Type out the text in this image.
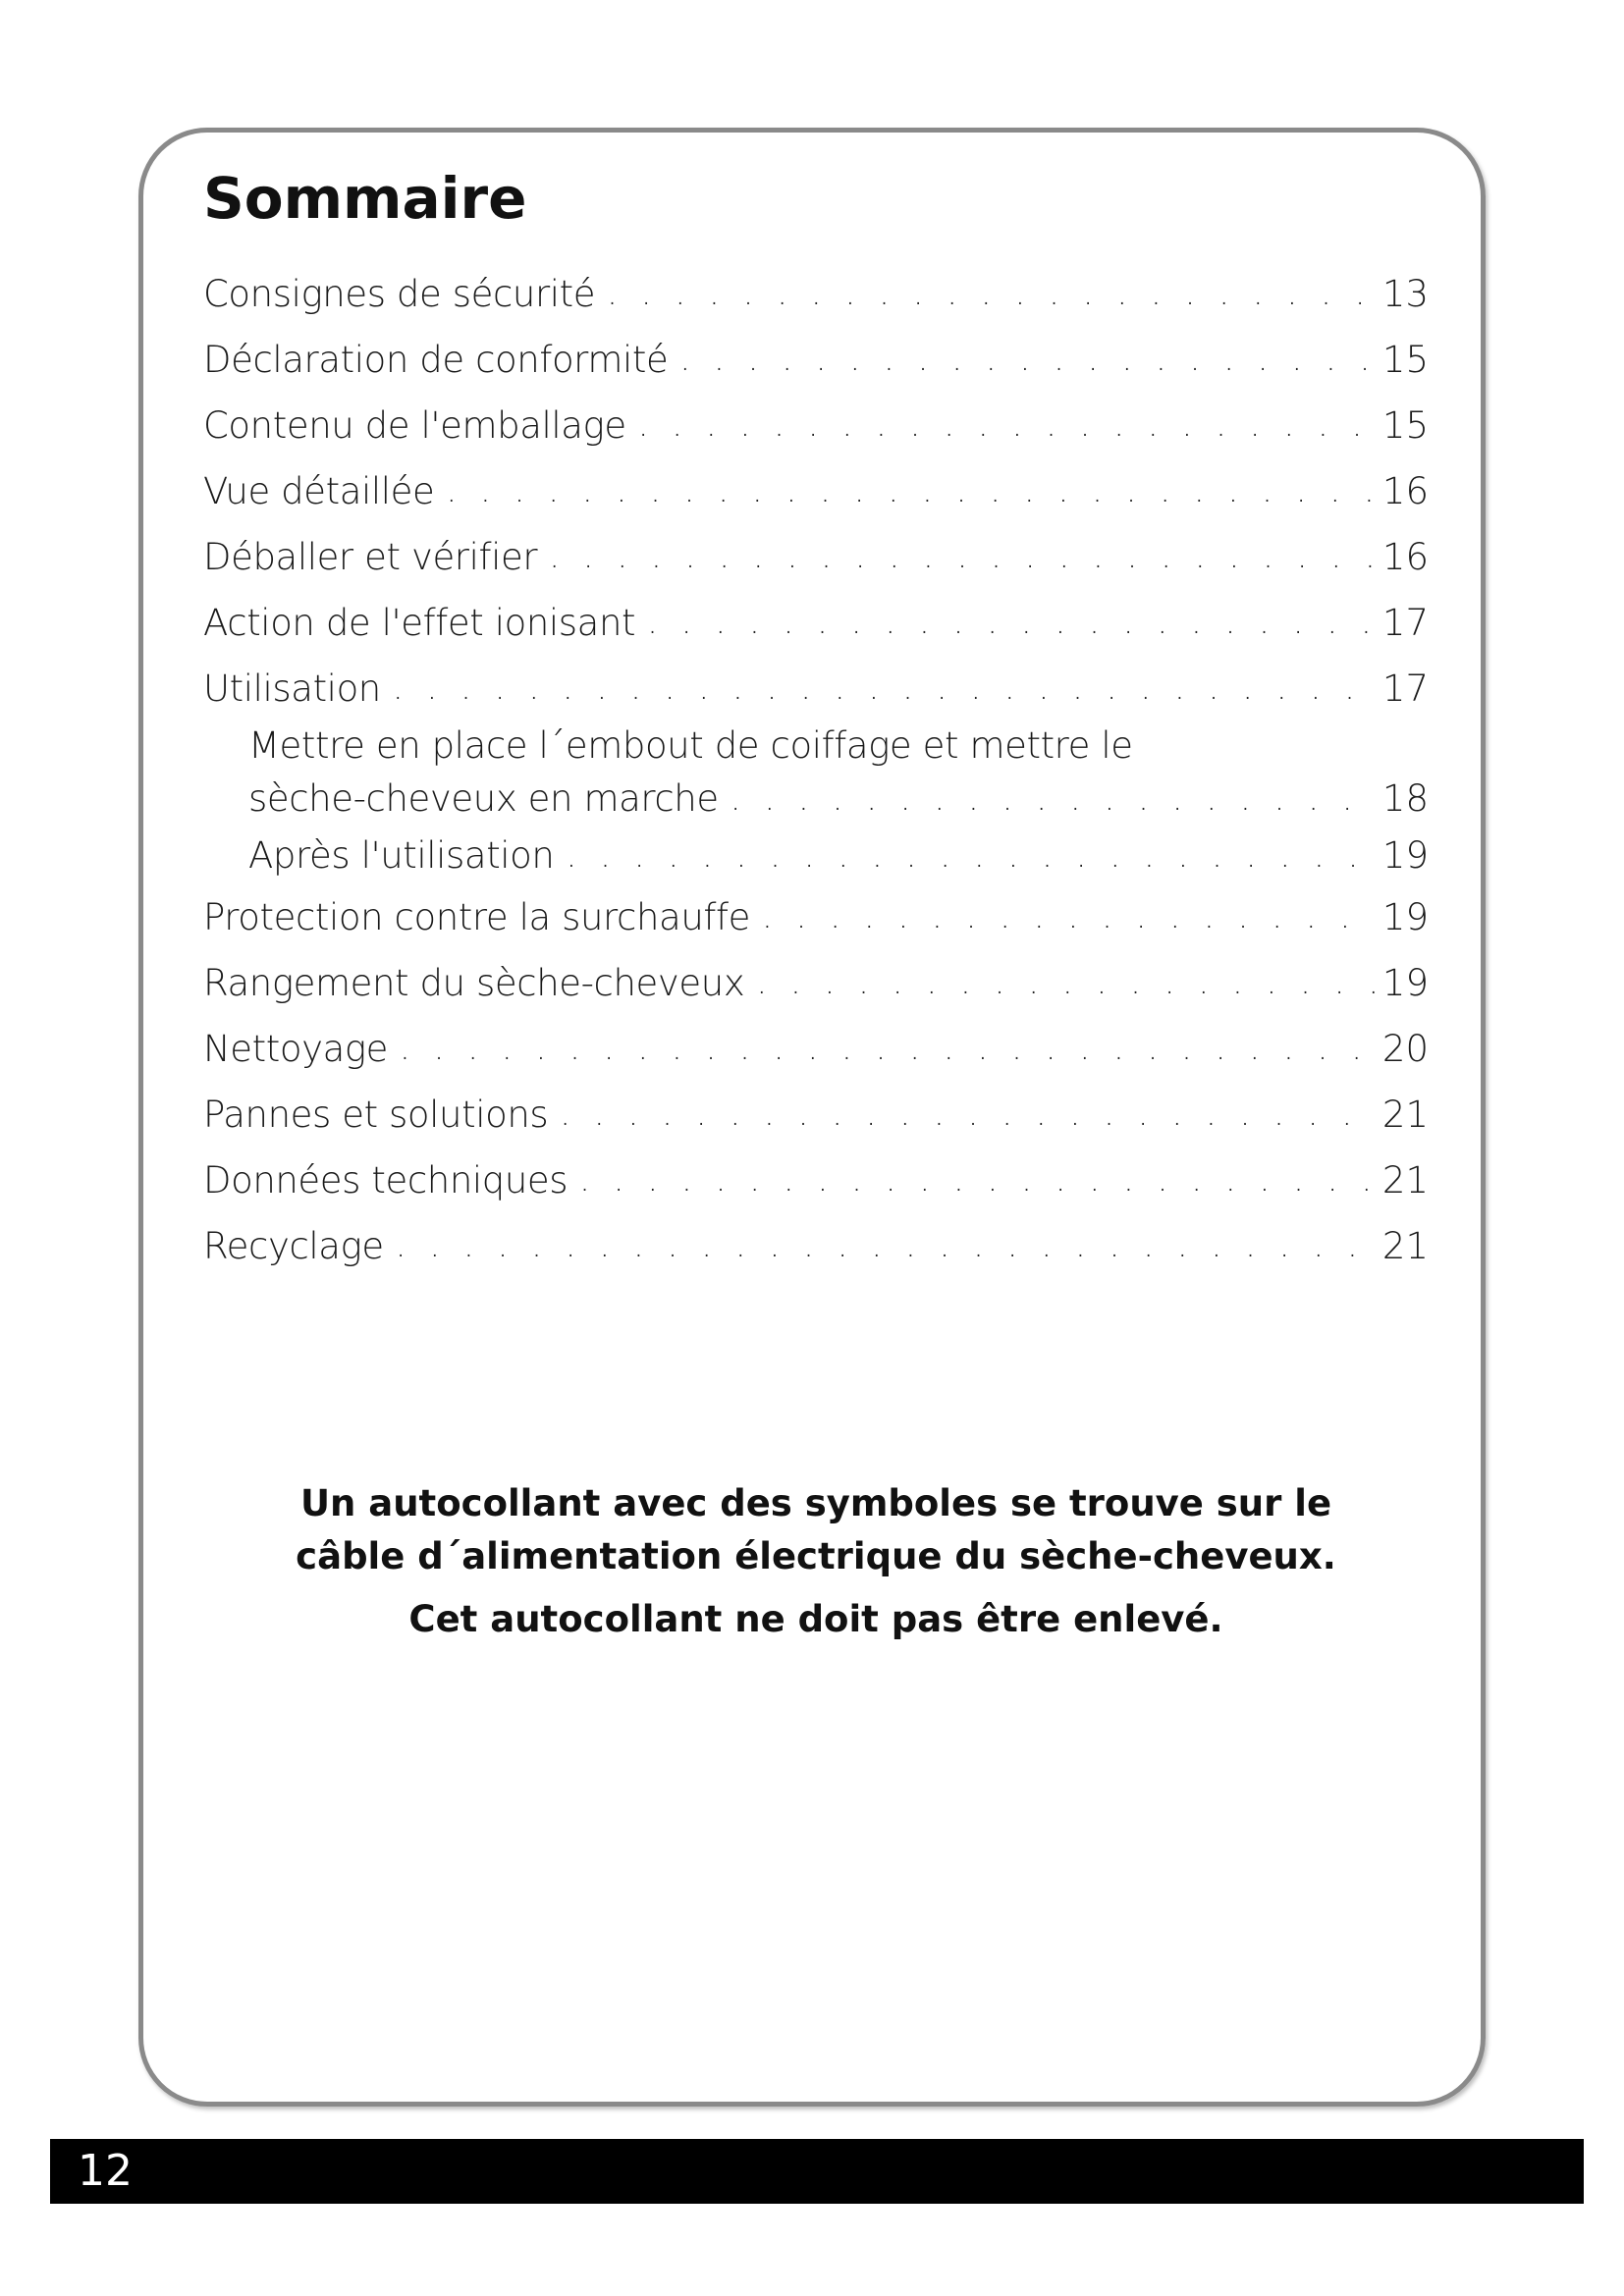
Sommaire
Consignes de sécurité . . .	13
Déclaration de conformité . . .	15
Contenu de l'emballage . . .	15
Vue détaillée . . .	16
Déballer et vérifier . . .	16
Action de l'effet ionisant . . .	17
Utilisation . . .	17
Mettre en place l´embout de coiffage et mettre le
sèche-cheveux en marche . . .	18
Après l'utilisation . . .	19
Protection contre la surchauffe . . .	19
Rangement du sèche-cheveux . . .	19
Nettoyage . . .	20
Pannes et solutions . . .	21
Données techniques . . .	21
Recyclage . . .	21

Un autocollant avec des symboles se trouve sur le

câble d´alimentation électrique du sèche-cheveux.

Cet autocollant ne doit pas être enlevé.

12
